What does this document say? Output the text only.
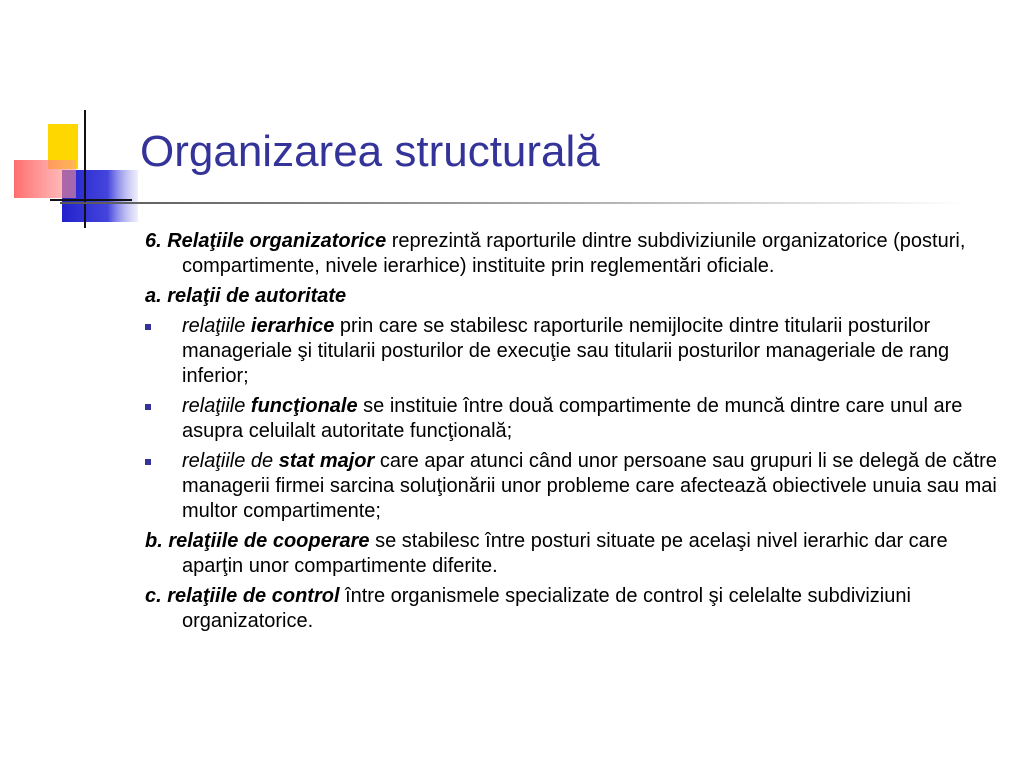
Organizarea structurală

6. Relaţiile organizatorice reprezintă raporturile dintre subdiviziunile organizatorice (posturi, compartimente, nivele ierarhice) instituite prin reglementări oficiale.

a. relaţii de autoritate

relaţiile ierarhice prin care se stabilesc raporturile nemijlocite dintre titularii posturilor manageriale şi titularii posturilor de execuţie sau titularii posturilor manageriale de rang inferior;

relaţiile funcţionale se instituie între două compartimente de muncă dintre care unul are asupra celuilalt autoritate funcţională;

relaţiile de stat major care apar atunci când unor persoane sau grupuri li se delegă de către managerii firmei sarcina soluţionării unor probleme care afectează obiectivele unuia sau mai multor compartimente;

b. relaţiile de cooperare se stabilesc între posturi situate pe acelaşi nivel ierarhic dar care aparţin unor compartimente diferite.

c. relaţiile de control între organismele specializate de control şi celelalte subdiviziuni organizatorice.
